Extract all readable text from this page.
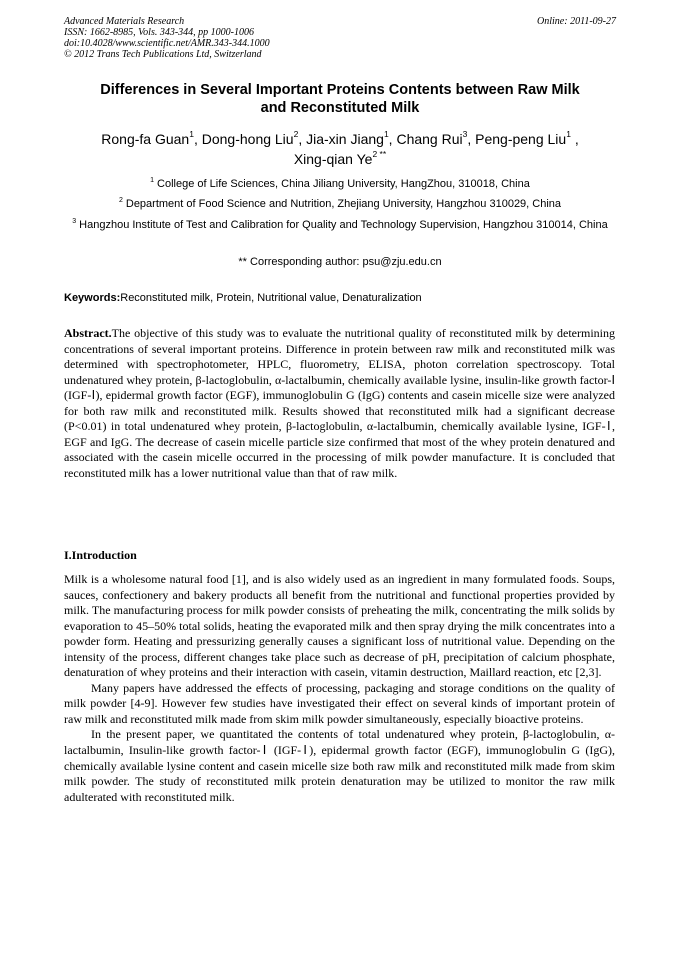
Advanced Materials Research
ISSN: 1662-8985, Vols. 343-344, pp 1000-1006
doi:10.4028/www.scientific.net/AMR.343-344.1000
© 2012 Trans Tech Publications Ltd, Switzerland
Online: 2011-09-27
Differences in Several Important Proteins Contents between Raw Milk
and Reconstituted Milk
Rong-fa Guan$^1$, Dong-hong Liu$^2$, Jia-xin Jiang$^1$, Chang Rui$^3$, Peng-peng Liu$^1$ ,
Xing-qian $Ye^{2 **}$
$^1$ College of Life Sciences, China Jiliang University, HangZhou, 310018, China
$^2$ Department of Food Science and Nutrition, Zhejiang University, Hangzhou 310029, China
$^3$ Hangzhou Institute of Test and Calibration for Quality and Technology Supervision, Hangzhou 310014, China
** Corresponding author: psu@zju.edu.cn
Keywords:Reconstituted milk, Protein, Nutritional value, Denaturalization
Abstract.The objective of this study was to evaluate the nutritional quality of reconstituted milk by determining concentrations of several important proteins. Difference in protein between raw milk and reconstituted milk was determined with spectrophotometer, HPLC, fluorometry, ELISA, photon correlation spectroscopy. Total undenatured whey protein, β-lactoglobulin, α-lactalbumin, chemically available lysine, insulin-like growth factor-Ⅰ (IGF-Ⅰ), epidermal growth factor (EGF), immunoglobulin G (IgG) contents and casein micelle size were analyzed for both raw milk and reconstituted milk. Results showed that reconstituted milk had a significant decrease (P<0.01) in total undenatured whey protein, β-lactoglobulin, α-lactalbumin, chemically available lysine, IGF-Ⅰ, EGF and IgG. The decrease of casein micelle particle size confirmed that most of the whey protein denatured and associated with the casein micelle occurred in the processing of milk powder manufacture. It is concluded that reconstituted milk has a lower nutritional value than that of raw milk.
I.Introduction

Milk is a wholesome natural food [1], and is also widely used as an ingredient in many formulated foods. Soups, sauces, confectionery and bakery products all benefit from the nutritional and functional properties provided by milk. The manufacturing process for milk powder consists of preheating the milk, concentrating the milk solids by evaporation to 45–50% total solids, heating the evaporated milk and then spray drying the milk concentrates into a powder form. Heating and pressurizing generally causes a significant loss of nutritional value. Depending on the intensity of the process, different changes take place such as decrease of pH, precipitation of calcium phosphate, denaturation of whey proteins and their interaction with casein, vitamin destruction, Maillard reaction, etc [2,3].

Many papers have addressed the effects of processing, packaging and storage conditions on the quality of milk powder [4-9]. However few studies have investigated their effect on several kinds of important protein of raw milk and reconstituted milk made from skim milk powder simultaneously, especially bioactive proteins.

In the present paper, we quantitated the contents of total undenatured whey protein, β-lactoglobulin, α-lactalbumin, Insulin-like growth factor-Ⅰ (IGF-Ⅰ), epidermal growth factor (EGF), immunoglobulin G (IgG), chemically available lysine content and casein micelle size both raw milk and reconstituted milk made from skim milk powder. The study of reconstituted milk protein denaturation may be utilized to monitor the raw milk adulterated with reconstituted milk.
